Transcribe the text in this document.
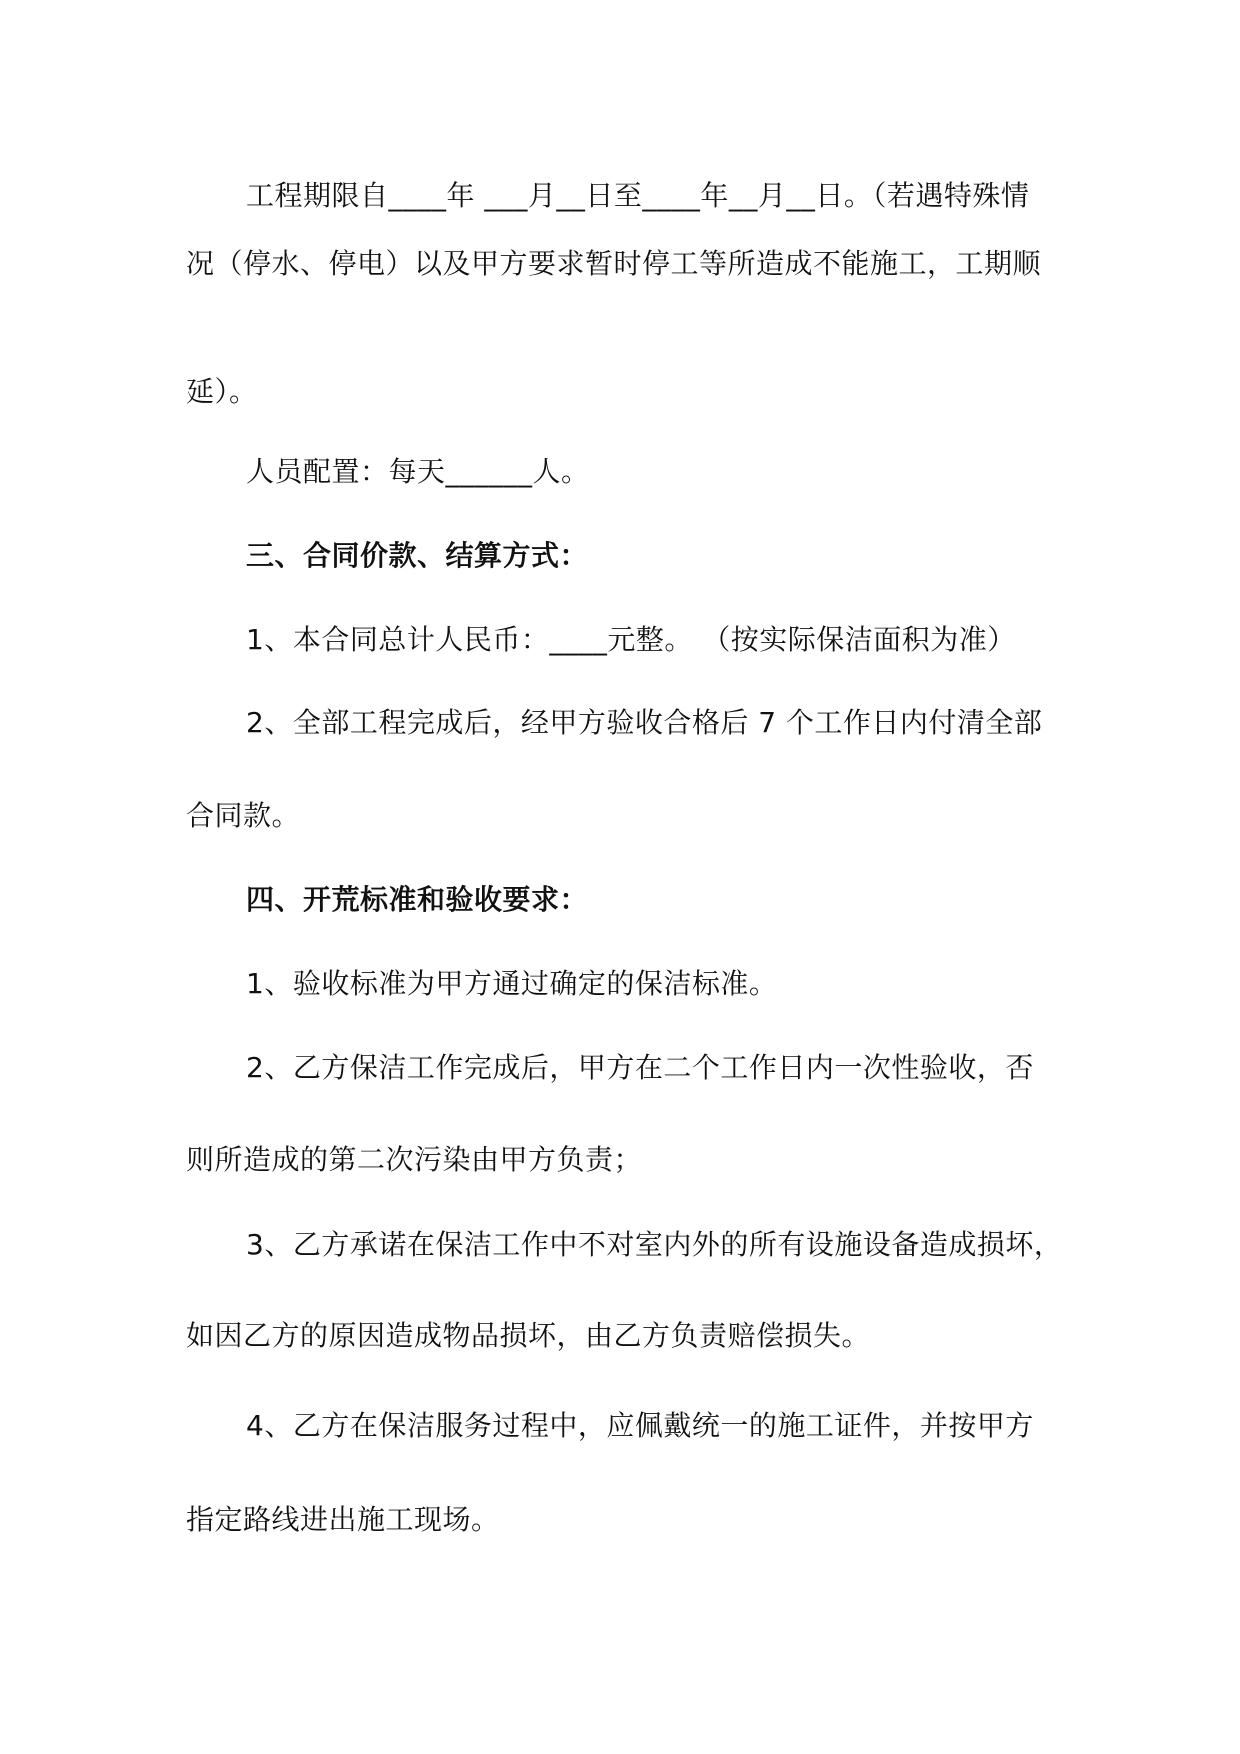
工程期限自____年 ___月__日至____年__月__日。（若遇特殊情

况（停水、停电）以及甲方要求暂时停工等所造成不能施工，工期顺

延）。

人员配置：每天______人。

三、合同价款、结算方式：

1、本合同总计人民币：____元整。 （按实际保洁面积为准）

2、全部工程完成后，经甲方验收合格后 7 个工作日内付清全部

合同款。

四、开荒标准和验收要求：

1、验收标准为甲方通过确定的保洁标准。

2、乙方保洁工作完成后，甲方在二个工作日内一次性验收，否

则所造成的第二次污染由甲方负责；

3、乙方承诺在保洁工作中不对室内外的所有设施设备造成损坏，

如因乙方的原因造成物品损坏，由乙方负责赔偿损失。

4、乙方在保洁服务过程中，应佩戴统一的施工证件，并按甲方

指定路线进出施工现场。
